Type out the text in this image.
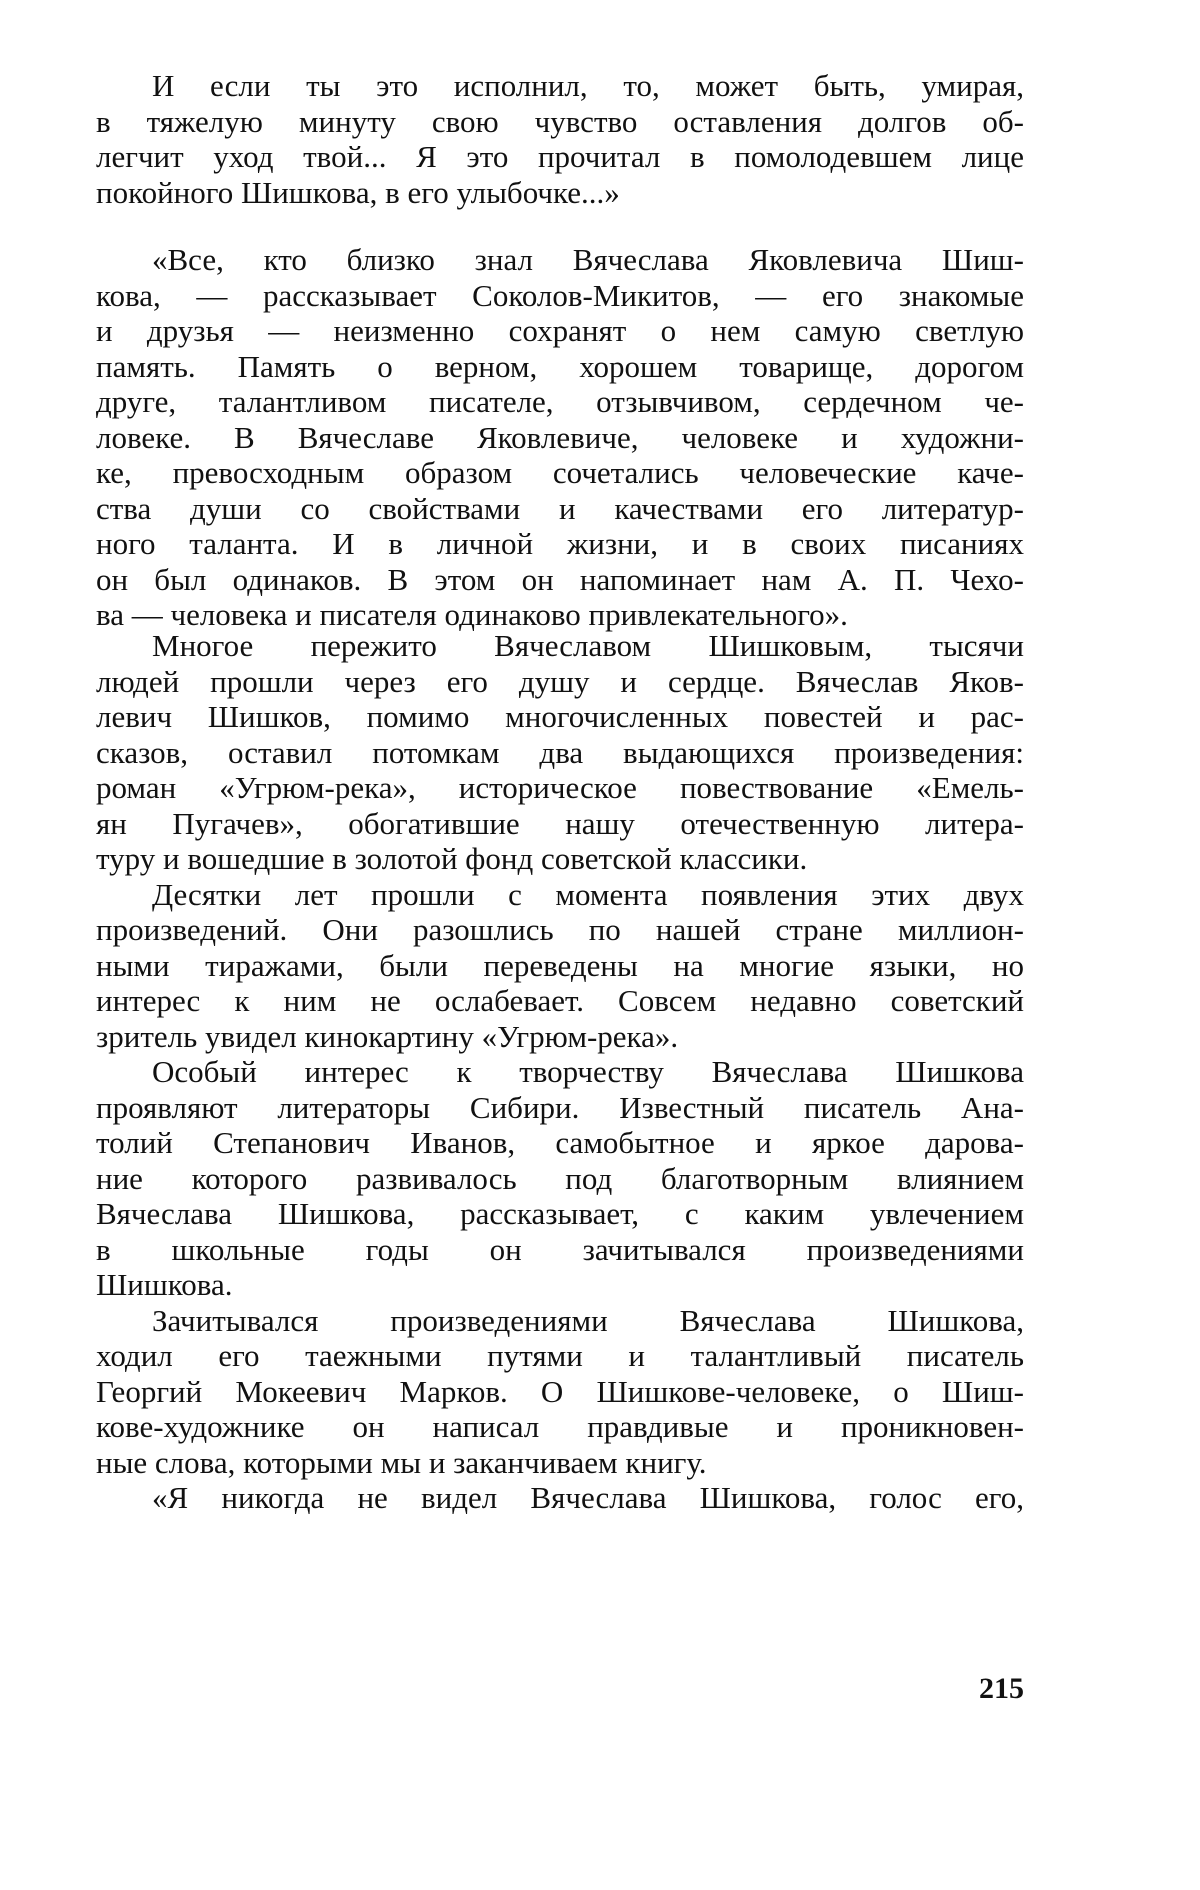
И если ты это исполнил, то, может быть, умирая,
в тяжелую минуту свою чувство оставления долгов об-
легчит уход твой... Я это прочитал в помолодевшем лице
покойного Шишкова, в его улыбочке...»
«Все, кто близко знал Вячеслава Яковлевича Шиш-
кова, — рассказывает Соколов-Микитов, — его знакомые
и друзья — неизменно сохранят о нем самую светлую
память. Память о верном, хорошем товарище, дорогом
друге, талантливом писателе, отзывчивом, сердечном че-
ловеке. В Вячеславе Яковлевиче, человеке и художни-
ке, превосходным образом сочетались человеческие каче-
ства души со свойствами и качествами его литератур-
ного таланта. И в личной жизни, и в своих писаниях
он был одинаков. В этом он напоминает нам А. П. Чехо-
ва — человека и писателя одинаково привлекательного».
Многое пережито Вячеславом Шишковым, тысячи
людей прошли через его душу и сердце. Вячеслав Яков-
левич Шишков, помимо многочисленных повестей и рас-
сказов, оставил потомкам два выдающихся произведения:
роман «Угрюм-река», историческое повествование «Емель-
ян Пугачев», обогатившие нашу отечественную литера-
туру и вошедшие в золотой фонд советской классики.
Десятки лет прошли с момента появления этих двух
произведений. Они разошлись по нашей стране миллион-
ными тиражами, были переведены на многие языки, но
интерес к ним не ослабевает. Совсем недавно советский
зритель увидел кинокартину «Угрюм-река».
Особый интерес к творчеству Вячеслава Шишкова
проявляют литераторы Сибири. Известный писатель Ана-
толий Степанович Иванов, самобытное и яркое дарова-
ние которого развивалось под благотворным влиянием
Вячеслава Шишкова, рассказывает, с каким увлечением
в школьные годы он зачитывался произведениями
Шишкова.
Зачитывался произведениями Вячеслава Шишкова,
ходил его таежными путями и талантливый писатель
Георгий Мокеевич Марков. О Шишкове-человеке, о Шиш-
кове-художнике он написал правдивые и проникновен-
ные слова, которыми мы и заканчиваем книгу.
«Я никогда не видел Вячеслава Шишкова, голос его,
215
